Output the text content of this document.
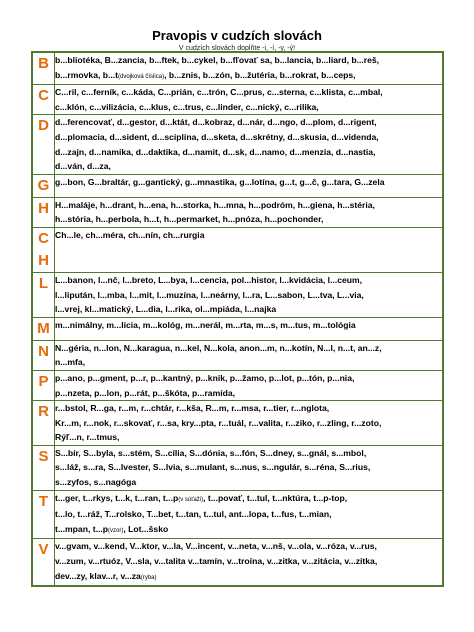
Pravopis v cudzích slovách
V cudzích slovách doplňte -i, -í, -y, -ý!
B	b...bliotéka, B...zancia, b...ftek, b...cykel, b...fľovať sa, b...lancia, b...liard, b...reš,
b...rmovka, b...t(dvojková číslica), b...znis, b...zón, b...žutéria, b...rokrat, b...ceps,

C	C...ril, c...ferník, c...káda, C...prián, c...trón, C...prus, c...sterna, c...klista, c...mbal,
c...klón, c...vilizácia, c...klus, c...trus, c...linder, c...nický, c...rilika,

D	d...ferencovať, d...gestor, d...ktát, d...kobraz, d...nár, d...ngo, d...plom, d...rigent,
d...plomacia, d...sident, d...sciplína, d...sketa, d...skrétny, d...skusia, d...videnda,
d...zajn, d...namika, d...daktika, d...namit, d...sk, d...namo, d...menzia, d...nastia,
d...ván, d...za,

G	g...bon, G...braltár, g...gantický, g...mnastika, g...lotína, g...t, g...č, g...tara, G...zela

H	H...maláje, h...drant, h...ena, h...storka, h...mna, h...podróm, h...giena, h...stéria,
h...stória, h...perbola, h...t, h...permarket, h...pnóza, h...pochonder,

C
H	Ch...le, ch...méra, ch...nín, ch...rurgia

L	L...banon, l...nč, l...breto, L...bya, l...cencia, pol...histor, l...kvidácia, l...ceum,
l...lipután, l...mba, l...mit, l...muzína, l...neárny, l...ra, L...sabon, L...tva, L...via,
l...vrej, kl...matický, L...dia, l...rika, ol...mpiáda, l...najka

M	m...nimálny, m...lícia, m...kológ, m...nerál, m...rta, m...s, m...tus, m...tológia

N	N...géria, n...lon, N...karagua, n...kel, N...kola, anon...m, n...kotín, N...l, n...t, an...z,
n...mfa,

P	p...ano, p...gment, p...r, p...kantný, p...knik, p...žamo, p...lot, p...tón, p...nia,
p...nzeta, p...lon, p...rát, p...škóta, p...ramída,

R	r...bstol, R...ga, r...m, r...chtár, r...kša, R...m, r...msa, r...tier, r...nglota,
Kr...m, r...nok, r...skovať, r...sa, kry...pta, r...tuál, r...valita, r...ziko, r...zling, r...zoto,
Rýľ...n, r...tmus,

S	S...bír, S...byla, s...stém, S...cília, S...dónia, s...fón, S...dney, s...gnál, s...mbol,
s...láž, s...ra, S...lvester, S...lvia, s...mulant, s...nus, s...ngulár, s...réna, S...rius,
s...zyfos, s...nagóga

T	t...ger, t...rkys, t...k, t...ran, t...p(v súťaži), t...povať, t...tul, t...nktúra, t...p-top,
t...lo, t...ráž, T...rolsko, T...bet, t...tan, t...tul, ant...lopa, t...fus, t...mian,
t...mpan, t...p(vzor), Lot...šsko

V	v...gvam, v...kend, V...ktor, v...la, V...incent, v...neta, v...nš, v...ola, v...róza, v...rus,
v...zum, v...rtuóz, V...sla, v...talita v...tamín, v...troína, v...zitka, v...zitácia, v...zitka,
dev...zy, klav...r, v...za(ryba)
